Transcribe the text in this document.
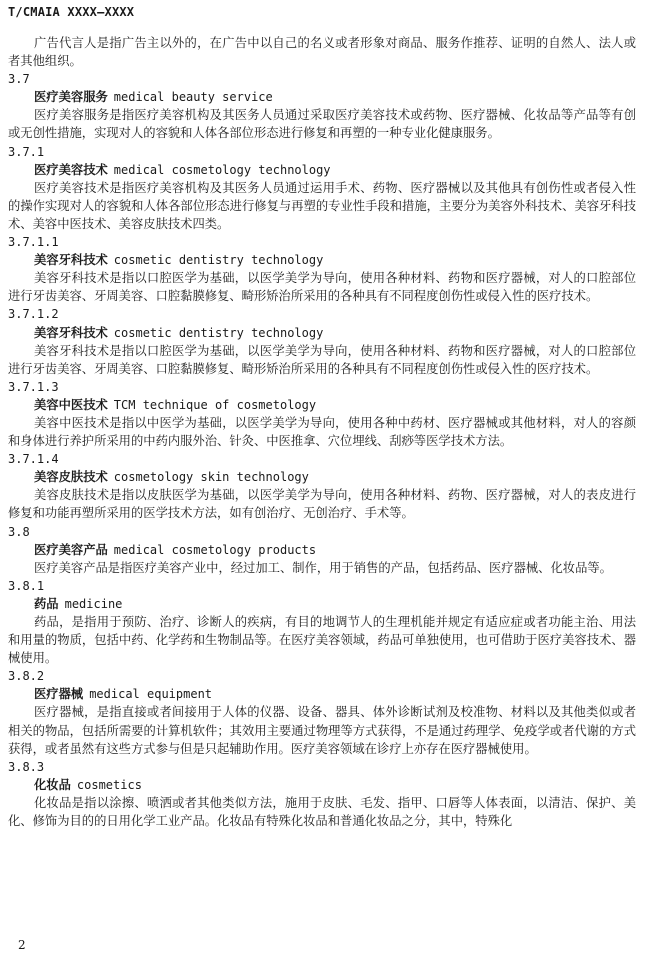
T/CMAIA XXXX—XXXX
广告代言人是指广告主以外的，在广告中以自己的名义或者形象对商品、服务作推荐、证明的自然人、法人或者其他组织。
3.7
医疗美容服务 medical beauty service
医疗美容服务是指医疗美容机构及其医务人员通过采取医疗美容技术或药物、医疗器械、化妆品等产品等有创或无创性措施，实现对人的容貌和人体各部位形态进行修复和再塑的一种专业化健康服务。
3.7.1
医疗美容技术 medical cosmetology technology
医疗美容技术是指医疗美容机构及其医务人员通过运用手术、药物、医疗器械以及其他具有创伤性或者侵入性的操作实现对人的容貌和人体各部位形态进行修复与再塑的专业性手段和措施，主要分为美容外科技术、美容牙科技术、美容中医技术、美容皮肤技术四类。
3.7.1.1
美容牙科技术 cosmetic dentistry technology
美容牙科技术是指以口腔医学为基础，以医学美学为导向，使用各种材料、药物和医疗器械，对人的口腔部位进行牙齿美容、牙周美容、口腔黏膜修复、畸形矫治所采用的各种具有不同程度创伤性或侵入性的医疗技术。
3.7.1.2
美容牙科技术 cosmetic dentistry technology
美容牙科技术是指以口腔医学为基础，以医学美学为导向，使用各种材料、药物和医疗器械，对人的口腔部位进行牙齿美容、牙周美容、口腔黏膜修复、畸形矫治所采用的各种具有不同程度创伤性或侵入性的医疗技术。
3.7.1.3
美容中医技术 TCM technique of cosmetology
美容中医技术是指以中医学为基础，以医学美学为导向，使用各种中药材、医疗器械或其他材料，对人的容颜和身体进行养护所采用的中药内服外治、针灸、中医推拿、穴位埋线、刮痧等医学技术方法。
3.7.1.4
美容皮肤技术 cosmetology skin technology
美容皮肤技术是指以皮肤医学为基础，以医学美学为导向，使用各种材料、药物、医疗器械，对人的表皮进行修复和功能再塑所采用的医学技术方法，如有创治疗、无创治疗、手术等。
3.8
医疗美容产品 medical cosmetology products
医疗美容产品是指医疗美容产业中，经过加工、制作，用于销售的产品，包括药品、医疗器械、化妆品等。
3.8.1
药品 medicine
药品，是指用于预防、治疗、诊断人的疾病，有目的地调节人的生理机能并规定有适应症或者功能主治、用法和用量的物质，包括中药、化学药和生物制品等。在医疗美容领域，药品可单独使用，也可借助于医疗美容技术、器械使用。
3.8.2
医疗器械 medical equipment
医疗器械，是指直接或者间接用于人体的仪器、设备、器具、体外诊断试剂及校准物、材料以及其他类似或者相关的物品，包括所需要的计算机软件；其效用主要通过物理等方式获得，不是通过药理学、免疫学或者代谢的方式获得，或者虽然有这些方式参与但是只起辅助作用。医疗美容领域在诊疗上亦存在医疗器械使用。
3.8.3
化妆品 cosmetics
化妆品是指以涂擦、喷洒或者其他类似方法，施用于皮肤、毛发、指甲、口唇等人体表面，以清洁、保护、美化、修饰为目的的日用化学工业产品。化妆品有特殊化妆品和普通化妆品之分，其中，特殊化
2
